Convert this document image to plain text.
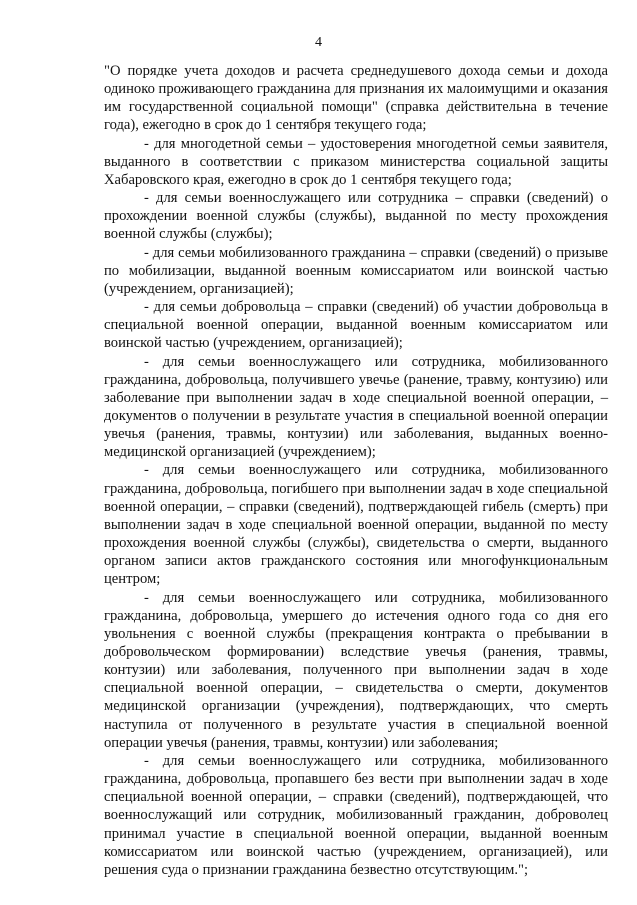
4

"О порядке учета доходов и расчета среднедушевого дохода семьи и дохода одиноко проживающего гражданина для признания их малоимущими и оказания им государственной социальной помощи" (справка действительна в течение года), ежегодно в срок до 1 сентября текущего года;

- для многодетной семьи – удостоверения многодетной семьи заявителя, выданного в соответствии с приказом министерства социальной защиты Хабаровского края, ежегодно в срок до 1 сентября текущего года;

- для семьи военнослужащего или сотрудника – справки (сведений) о прохождении военной службы (службы), выданной по месту прохождения военной службы (службы);

- для семьи мобилизованного гражданина – справки (сведений) о призыве по мобилизации, выданной военным комиссариатом или воинской частью (учреждением, организацией);

- для семьи добровольца – справки (сведений) об участии добровольца в специальной военной операции, выданной военным комиссариатом или воинской частью (учреждением, организацией);

- для семьи военнослужащего или сотрудника, мобилизованного гражданина, добровольца, получившего увечье (ранение, травму, контузию) или заболевание при выполнении задач в ходе специальной военной операции, – документов о получении в результате участия в специальной военной операции увечья (ранения, травмы, контузии) или заболевания, выданных военно-медицинской организацией (учреждением);

- для семьи военнослужащего или сотрудника, мобилизованного гражданина, добровольца, погибшего при выполнении задач в ходе специальной военной операции, – справки (сведений), подтверждающей гибель (смерть) при выполнении задач в ходе специальной военной операции, выданной по месту прохождения военной службы (службы), свидетельства о смерти, выданного органом записи актов гражданского состояния или многофункциональным центром;

- для семьи военнослужащего или сотрудника, мобилизованного гражданина, добровольца, умершего до истечения одного года со дня его увольнения с военной службы (прекращения контракта о пребывании в добровольческом формировании) вследствие увечья (ранения, травмы, контузии) или заболевания, полученного при выполнении задач в ходе специальной военной операции, – свидетельства о смерти, документов медицинской организации (учреждения), подтверждающих, что смерть наступила от полученного в результате участия в специальной военной операции увечья (ранения, травмы, контузии) или заболевания;

- для семьи военнослужащего или сотрудника, мобилизованного гражданина, добровольца, пропавшего без вести при выполнении задач в ходе специальной военной операции, – справки (сведений), подтверждающей, что военнослужащий или сотрудник, мобилизованный гражданин, доброволец принимал участие в специальной военной операции, выданной военным комиссариатом или воинской частью (учреждением, организацией), или решения суда о признании гражданина безвестно отсутствующим.";
